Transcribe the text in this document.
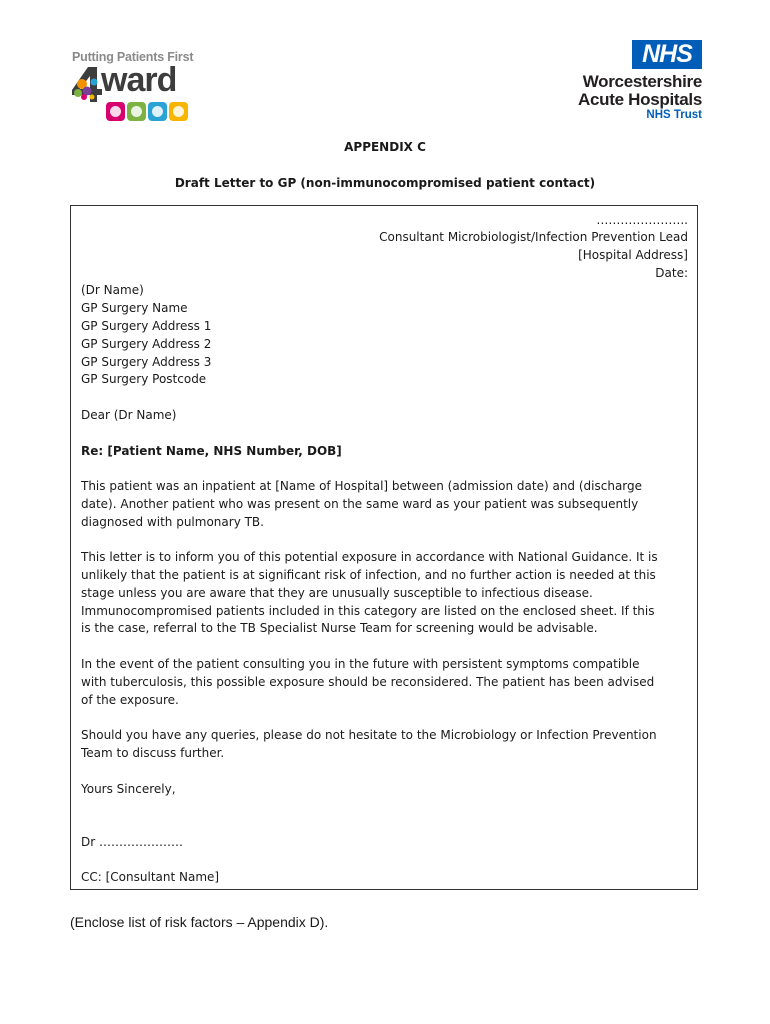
Putting Patients First
ward
NHS
Worcestershire
Acute Hospitals
NHS Trust
APPENDIX C
Draft Letter to GP (non-immunocompromised patient contact)
…………………..
Consultant Microbiologist/Infection Prevention Lead
[Hospital Address]
Date:
(Dr Name)
GP Surgery Name
GP Surgery Address 1
GP Surgery Address 2
GP Surgery Address 3
GP Surgery Postcode
Dear (Dr Name)
Re: [Patient Name, NHS Number, DOB]
This patient was an inpatient at [Name of Hospital] between (admission date) and (discharge
date). Another patient who was present on the same ward as your patient was subsequently
diagnosed with pulmonary TB.
This letter is to inform you of this potential exposure in accordance with National Guidance. It is
unlikely that the patient is at significant risk of infection, and no further action is needed at this
stage unless you are aware that they are unusually susceptible to infectious disease.
Immunocompromised patients included in this category are listed on the enclosed sheet. If this
is the case, referral to the TB Specialist Nurse Team for screening would be advisable.
In the event of the patient consulting you in the future with persistent symptoms compatible
with tuberculosis, this possible exposure should be reconsidered. The patient has been advised
of the exposure.
Should you have any queries, please do not hesitate to the Microbiology or Infection Prevention
Team to discuss further.
Yours Sincerely,
Dr …………………
CC: [Consultant Name]
(Enclose list of risk factors – Appendix D).
